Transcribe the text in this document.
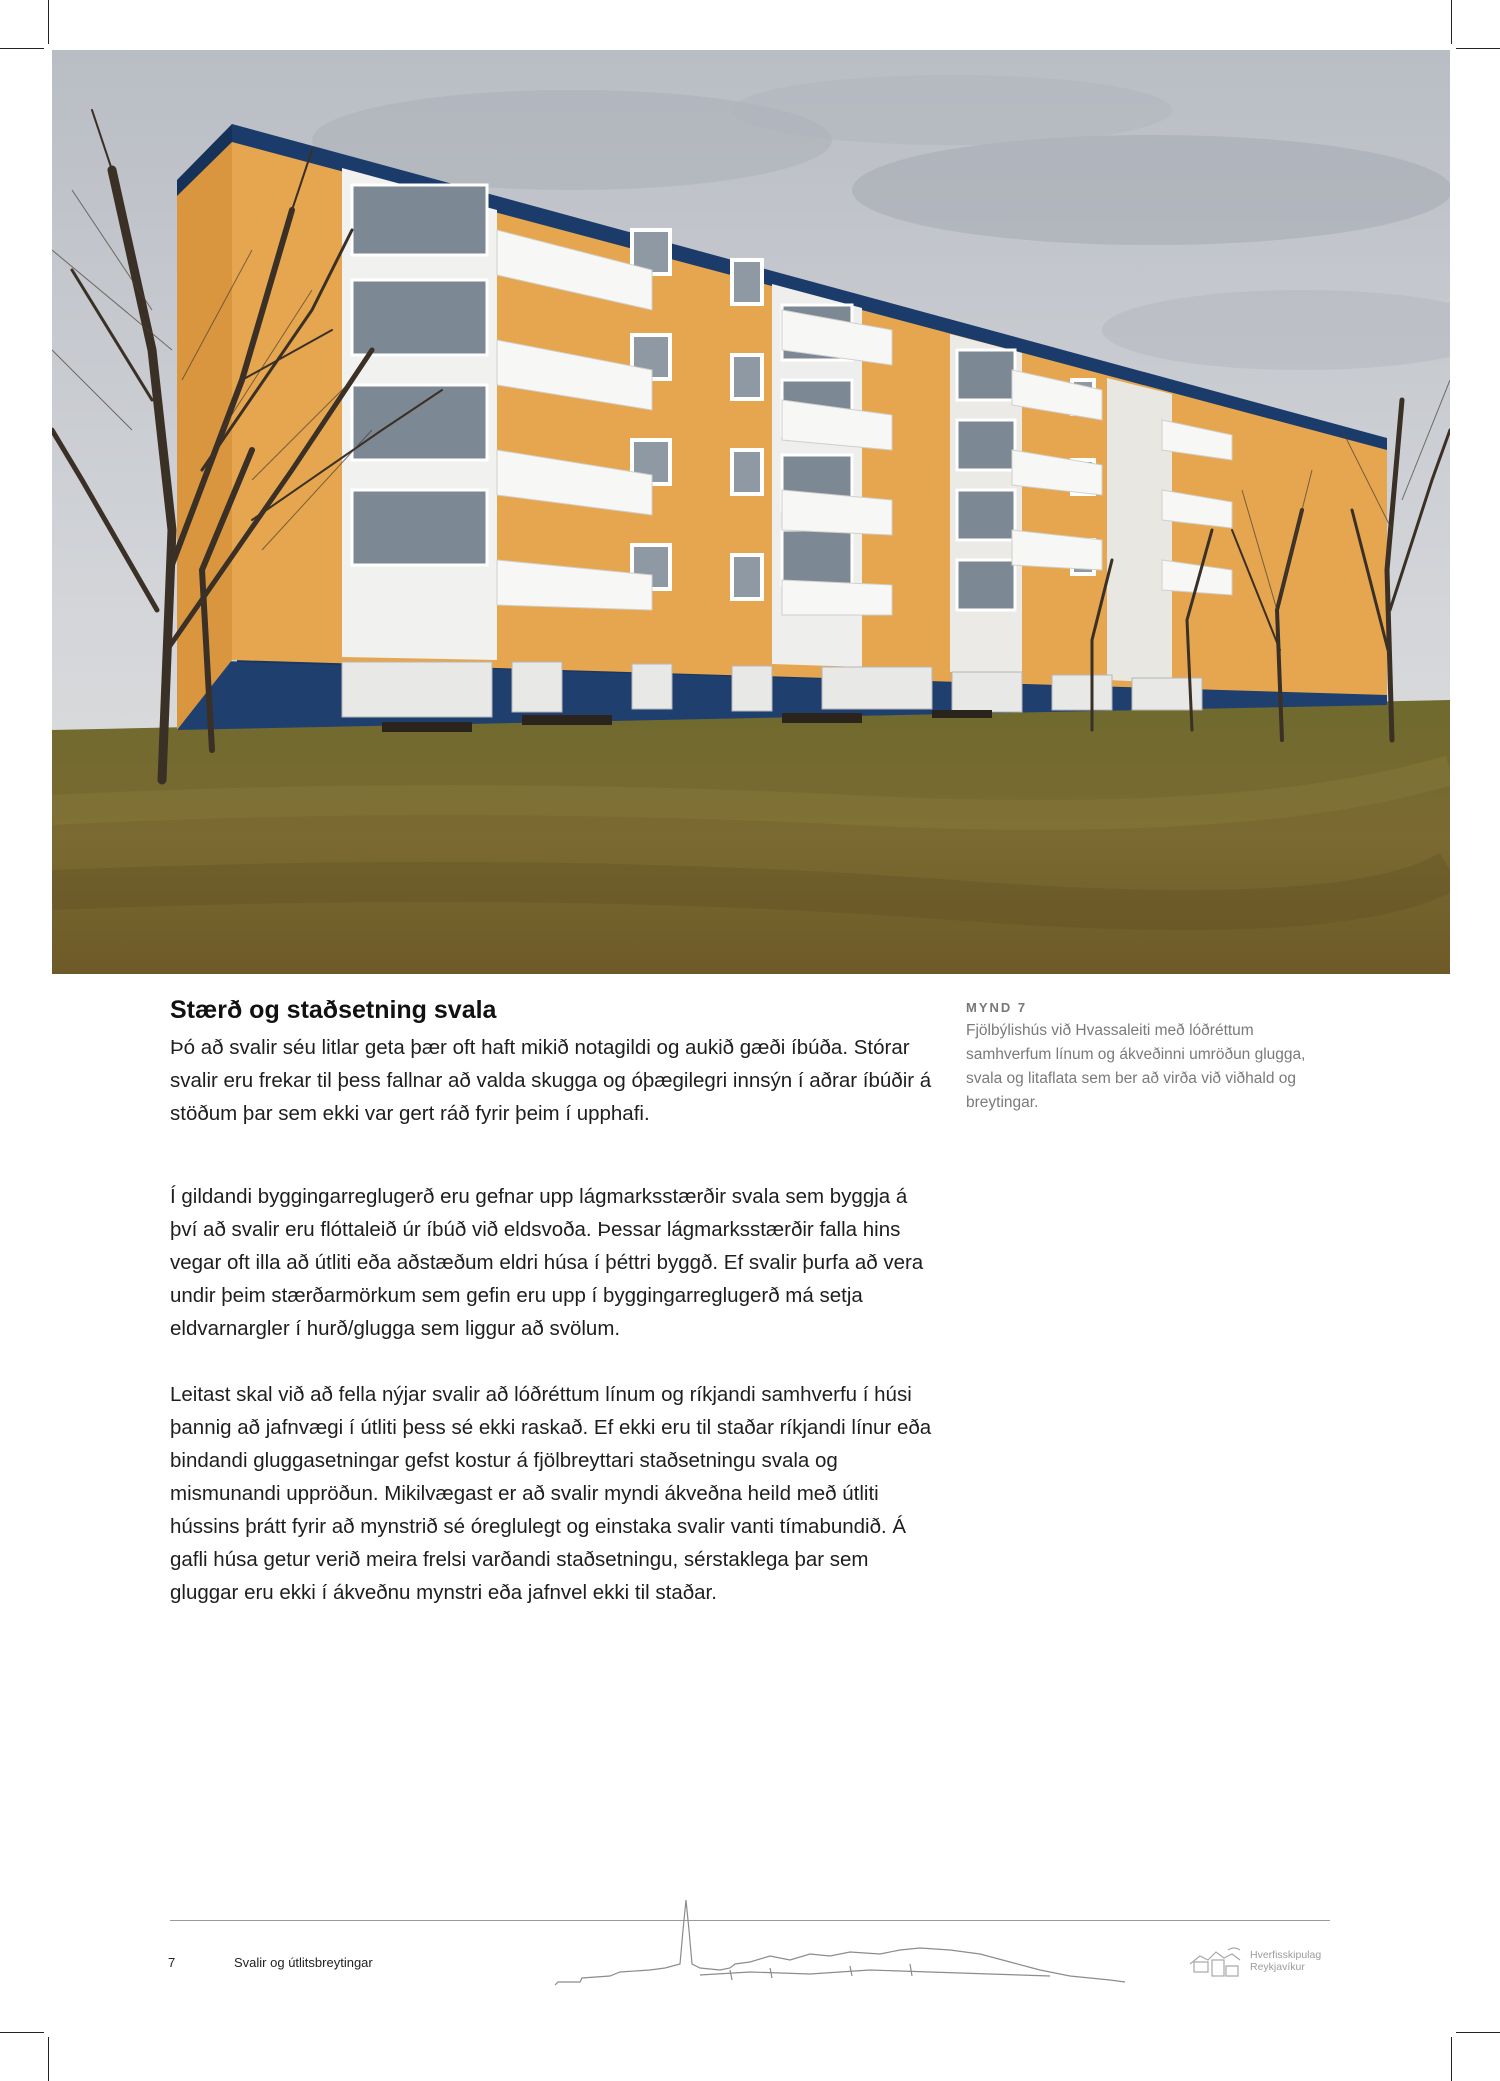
Stærð og staðsetning svala

Þó að svalir séu litlar geta þær oft haft mikið notagildi og aukið gæði íbúða. Stórar svalir eru frekar til þess fallnar að valda skugga og óþægilegri innsýn í aðrar íbúðir á stöðum þar sem ekki var gert ráð fyrir þeim í upphafi.

Í gildandi byggingarreglugerð eru gefnar upp lágmarksstærðir svala sem byggja á því að svalir eru flóttaleið úr íbúð við eldsvoða. Þessar lágmarksstærðir falla hins vegar oft illa að útliti eða aðstæðum eldri húsa í þéttri byggð. Ef svalir þurfa að vera undir þeim stærðarmörkum sem gefin eru upp í byggingarreglugerð má setja eldvarnargler í hurð/glugga sem liggur að svölum.

Leitast skal við að fella nýjar svalir að lóðréttum línum og ríkjandi samhverfu í húsi þannig að jafnvægi í útliti þess sé ekki raskað. Ef ekki eru til staðar ríkjandi línur eða bindandi gluggasetningar gefst kostur á fjölbreyttari staðsetningu svala og mismunandi uppröðun. Mikilvægast er að svalir myndi ákveðna heild með útliti hússins þrátt fyrir að mynstrið sé óreglulegt og einstaka svalir vanti tímabundið. Á gafli húsa getur verið meira frelsi varðandi staðsetningu, sérstaklega þar sem gluggar eru ekki í ákveðnu mynstri eða jafnvel ekki til staðar.

MYND 7
Fjölbýlishús við Hvassaleiti með lóðréttum samhverfum línum og ákveðinni umröðun glugga, svala og litaflata sem ber að virða við viðhald og breytingar.
7	Svalir og útlitsbreytingar	Hverfisskipulag
Reykjavíkur
